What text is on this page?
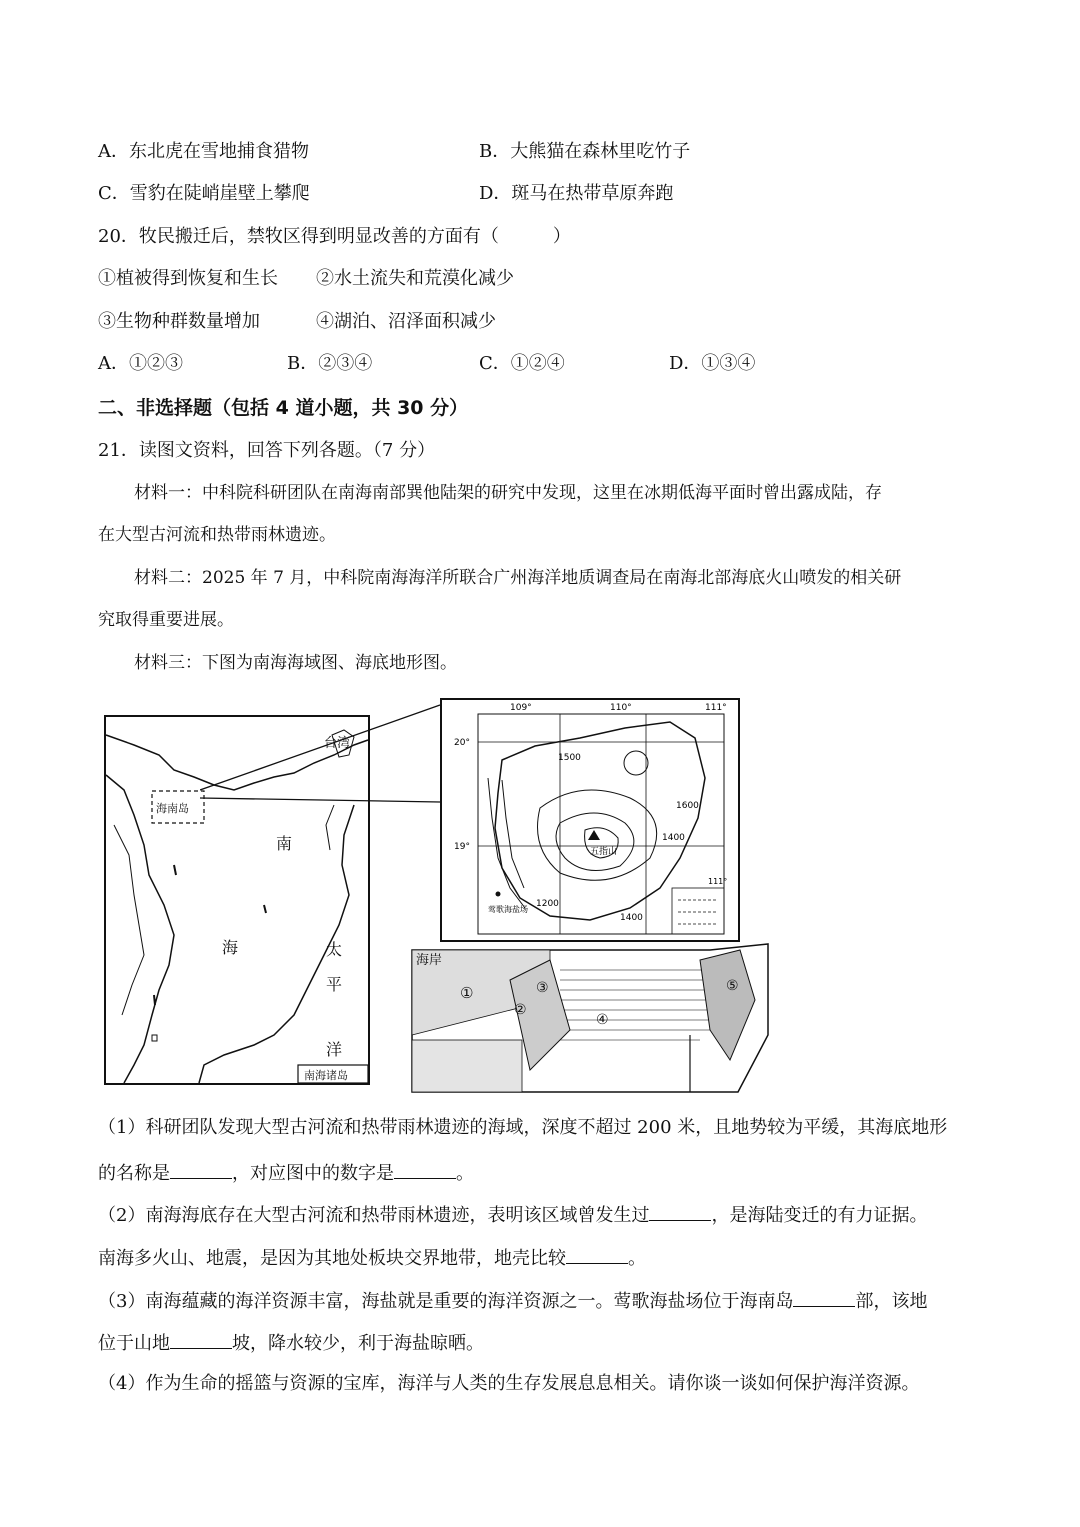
A．东北虎在雪地捕食猎物	B．大熊猫在森林里吃竹子
C．雪豹在陡峭崖壁上攀爬	D．斑马在热带草原奔跑
20．牧民搬迁后，禁牧区得到明显改善的方面有（　　　）
①植被得到恢复和生长 ②水土流失和荒漠化减少
③生物种群数量增加	④湖泊、沼泽面积减少
A．①②③	B．②③④	C．①②④	D．①③④
二、非选择题（包括 4 道小题，共 30 分）
21．读图文资料，回答下列各题。（7 分）
材料一：中科院科研团队在南海南部巽他陆架的研究中发现，这里在冰期低海平面时曾出露成陆，存
在大型古河流和热带雨林遗迹。
材料二：2025 年 7 月，中科院南海海洋所联合广州海洋地质调查局在南海北部海底火山喷发的相关研
究取得重要进展。
材料三：下图为南海海域图、海底地形图。
海南岛
台湾
南
海	太
平
洋
南海诸岛
109°	110°	111°
20°
19°
1500
1600
1400
1200
1400
五指山
莺歌海盐场
111°
海岸
①
②
③
④
⑤
（1）科研团队发现大型古河流和热带雨林遗迹的海域，深度不超过 200 米，且地势较为平缓，其海底地形
的名称是	，对应图中的数字是	。
（2）南海海底存在大型古河流和热带雨林遗迹，表明该区域曾发生过	，是海陆变迁的有力证据。
南海多火山、地震，是因为其地处板块交界地带，地壳比较	。
（3）南海蕴藏的海洋资源丰富，海盐就是重要的海洋资源之一。莺歌海盐场位于海南岛	部，该地
位于山地	坡，降水较少，利于海盐晾晒。
（4）作为生命的摇篮与资源的宝库，海洋与人类的生存发展息息相关。请你谈一谈如何保护海洋资源。
